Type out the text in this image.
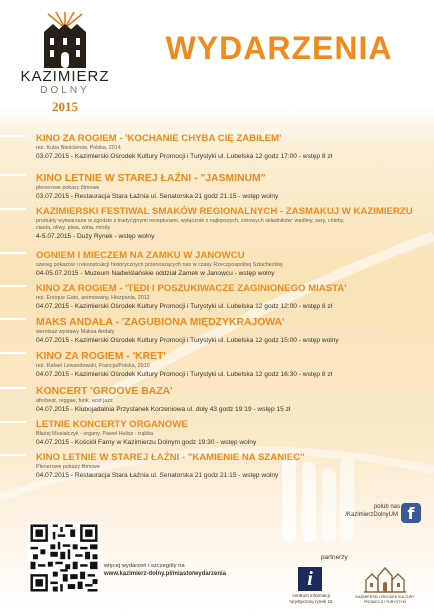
KAZIMIERZ
DOLNY
2015
WYDARZENIA
KINO ZA ROGIEM - 'KOCHANIE CHYBA CIĘ ZABIŁEM'
reż. Kuba Nieścierow, Polska, 2014
03.07.2015 - Kazimierski Ośrodek Kultury Promocji i Turystyki ul. Lubelska 12 godz 17:00 - wstęp 8 zł
KINO LETNIE W STAREJ ŁAŹNI - "JASMINUM"
plenerowe pokazy filmowe
03.07.2015 - Restauracja Stara Łaźnia ul. Senatorska 21 godz 21:15 - wstęp wolny
KAZIMIERSKI FESTIWAL SMAKÓW REGIONALNYCH - ZASMAKUJ W KAZIMIERZU
produkty wytwarzane w zgodzie z tradycyjnymi recepturami, wyłącznie z najlepszych, zdrowych składników: wędliny, sery, chleby,
ciasta, oliwy, piwa, wina, miody
4-5.07.2015 - Duży Rynek - wstęp wolny
OGNIEM I MIECZEM NA ZAMKU W JANOWCU
szereg pokazów i rekonstrukcji historycznych przenoszących nas w czasy Rzeczpospolitej Szlacheckiej
04-05.07.2015 - Muzeum Nadwiślańskie oddział Zamek w Janowcu - wstęp wolny
KINO ZA ROGIEM - 'TEDI I POSZUKIWACZE ZAGINIONEGO MIASTA'
reż. Enrique Gato, animowany, Hiszpania, 2012
04.07.2015 - Kazimierski Ośrodek Kultury Promocji i Turystyki ul. Lubelska 12 godz 12:00 - wstęp 8 zł
MAKS ANDAŁA - 'ZAGUBIONA MIĘDZYKRAJOWA'
wernisaż wystawy Maksa Andały
04.07.2015 - Kazimierski Ośrodek Kultury Promocji i Turystyki ul. Lubelska 12 godz 15:00 - wstęp wolny
KINO ZA ROGIEM - 'KRET'
reż. Rafael Lewandowski, Francja/Polska, 2010
04.07.2015 - Kazimierski Ośrodek Kultury Promocji i Turystyki ul. Lubelska 12 godz 16:30 - wstęp 8 zł
KONCERT 'GROOVE BAZA'
afrobeat, reggae, funk, acid jazz
04.07.2015 - Klubojadalnia Przystanek Korzeniowa ul. doły 43 godz 19:19 - wstęp 15 zł
LETNIE KONCERTY ORGANOWE
Błażej Musiałczyk - organy, Paweł Hulisz - trąbka
04.07.2015 - Kościół Farny w Kazimierzu Dolnym godz 19:30 - wstęp wolny
KINO LETNIE W STAREJ ŁAŹNI - "KAMIENIE NA SZANIEC"
Plenerowe pokazy filmowe
04.07.2015 - Restauracja Stara Łaźnia ul. Senatorska 21 godz 21:15 - wstęp wolny
polub nas
/KazimierzDolnyUM f
więcej wydarzeń i szczegóły na
www.kazimierz-dolny.pl/miasto/wydarzenia
partnerzy
i
centrum informacji
turystycznej rynek 15
KAZIMIERSKI OŚRODEK KULTURY PROMOCJI I TURYSTYKI
